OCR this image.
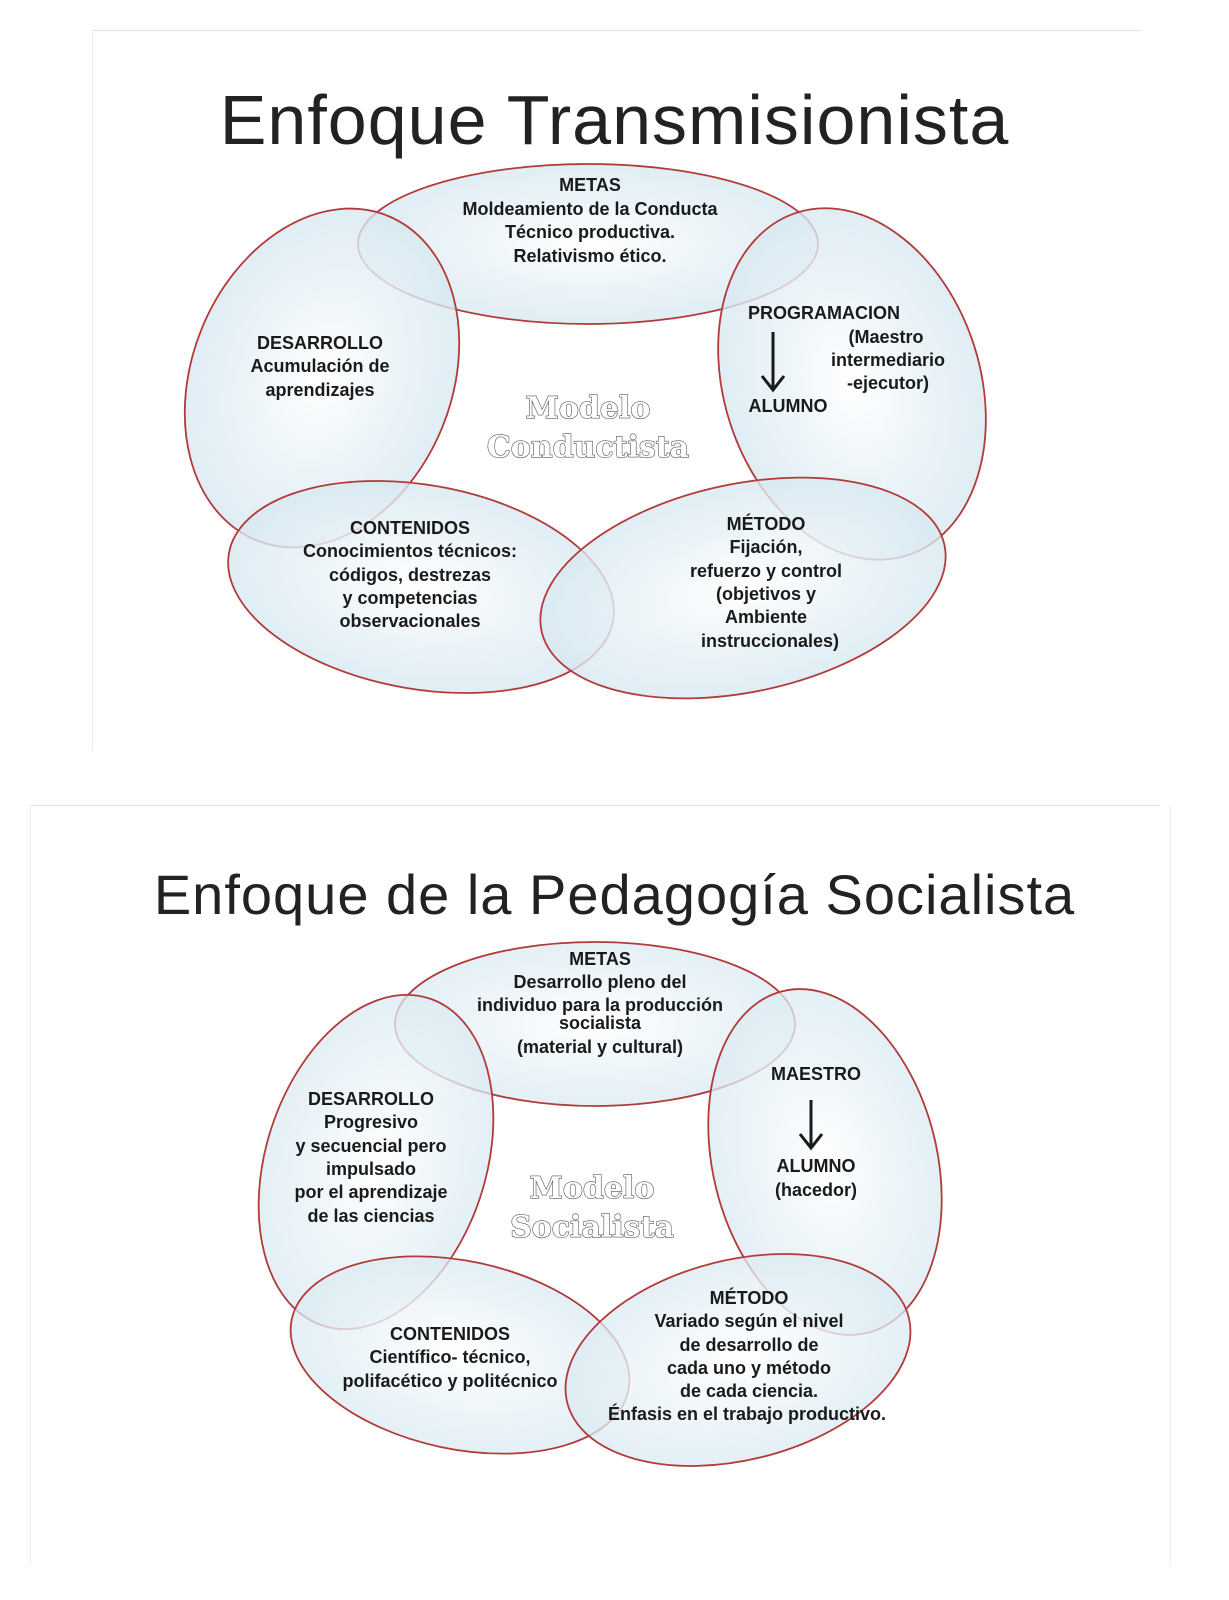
Enfoque Transmisionista
Modelo
Conductista
METAS
Moldeamiento de la Conducta
Técnico productiva.
Relativismo ético.
PROGRAMACION
(Maestro
intermediario
-ejecutor)
ALUMNO
DESARROLLO
Acumulación de
aprendizajes
CONTENIDOS
Conocimientos técnicos:
códigos, destrezas
y competencias
observacionales
MÉTODO
Fijación,
refuerzo y control
(objetivos y
Ambiente
instruccionales)
Enfoque de la Pedagogía Socialista
Modelo
Socialista
METAS
Desarrollo pleno del
individuo para la producción
socialista
(material y cultural)
MAESTRO
ALUMNO
(hacedor)
DESARROLLO
Progresivo
y secuencial pero
impulsado
por el aprendizaje
de las ciencias
CONTENIDOS
Científico- técnico,
polifacético y politécnico
MÉTODO
Variado según el nivel
de desarrollo de
cada uno y método
de cada ciencia.
Énfasis en el trabajo productivo.
